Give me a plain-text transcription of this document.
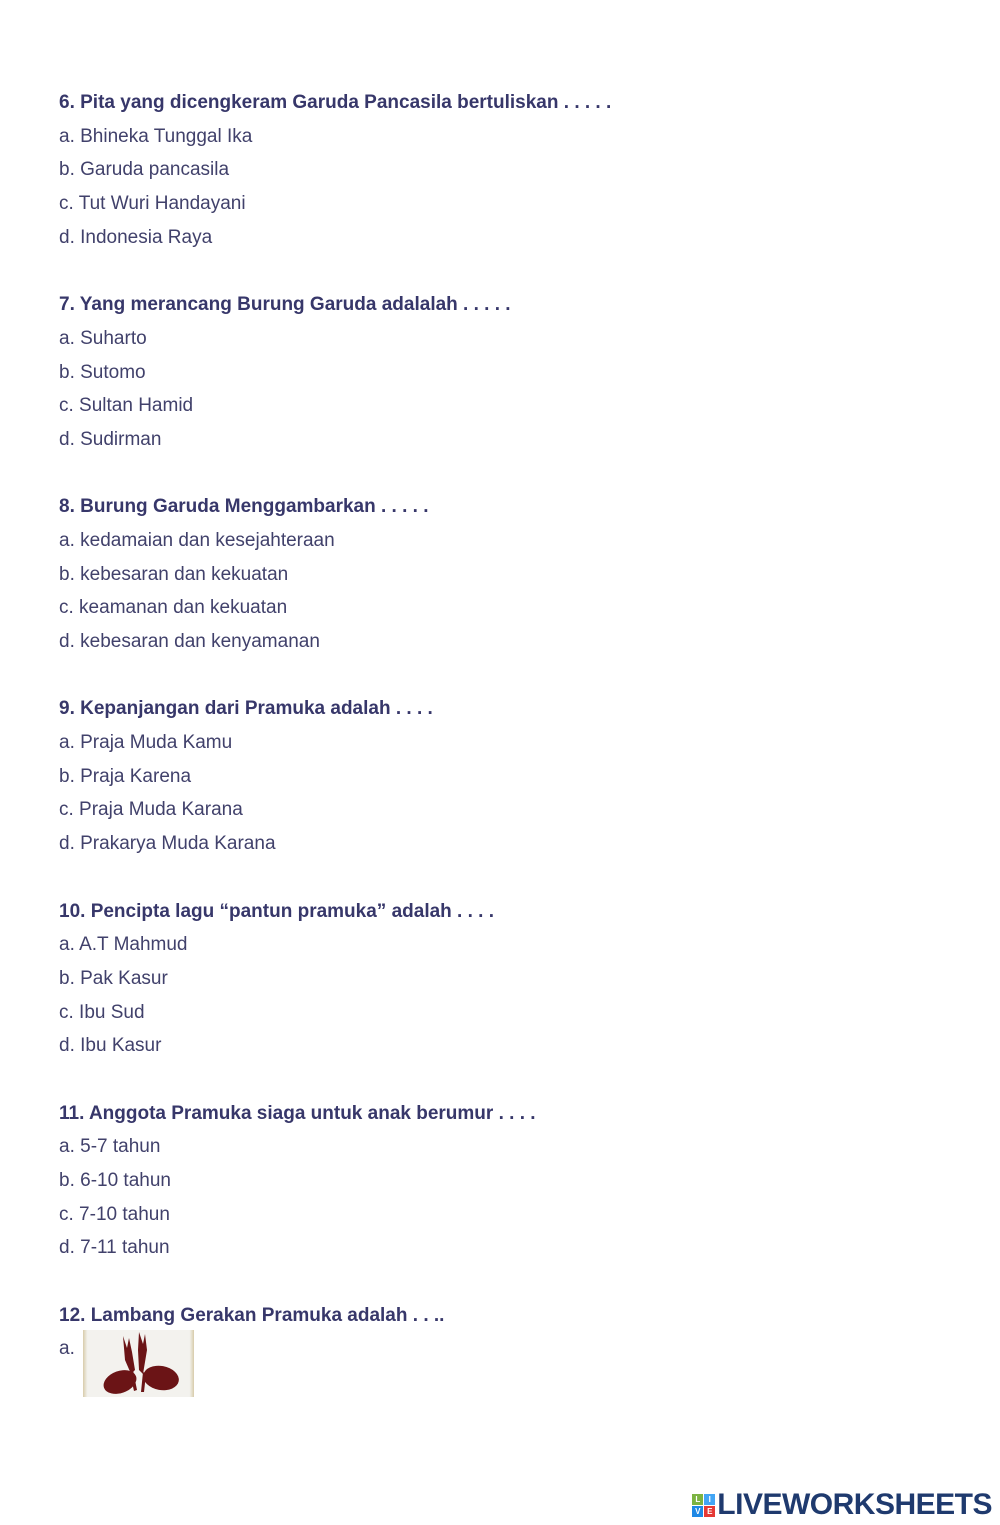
6. Pita yang dicengkeram Garuda Pancasila bertuliskan . . . . .
a. Bhineka Tunggal Ika
b. Garuda pancasila
c. Tut Wuri Handayani
d. Indonesia Raya
7. Yang merancang Burung Garuda adalalah . . . . .
a. Suharto
b. Sutomo
c. Sultan Hamid
d. Sudirman
8. Burung Garuda Menggambarkan . . . . .
a. kedamaian dan kesejahteraan
b. kebesaran dan kekuatan
c. keamanan dan kekuatan
d. kebesaran dan kenyamanan
9. Kepanjangan dari Pramuka adalah . . . .
a. Praja Muda Kamu
b. Praja Karena
c. Praja Muda Karana
d. Prakarya Muda Karana
10. Pencipta lagu “pantun pramuka” adalah . . . .
a. A.T Mahmud
b. Pak Kasur
c. Ibu Sud
d. Ibu Kasur
11. Anggota Pramuka siaga untuk anak berumur . . . .
a. 5-7 tahun
b. 6-10 tahun
c. 7-10 tahun
d. 7-11 tahun
12. Lambang Gerakan Pramuka adalah . . ..
a.
L	I
V E LIVEWORKSHEETS
